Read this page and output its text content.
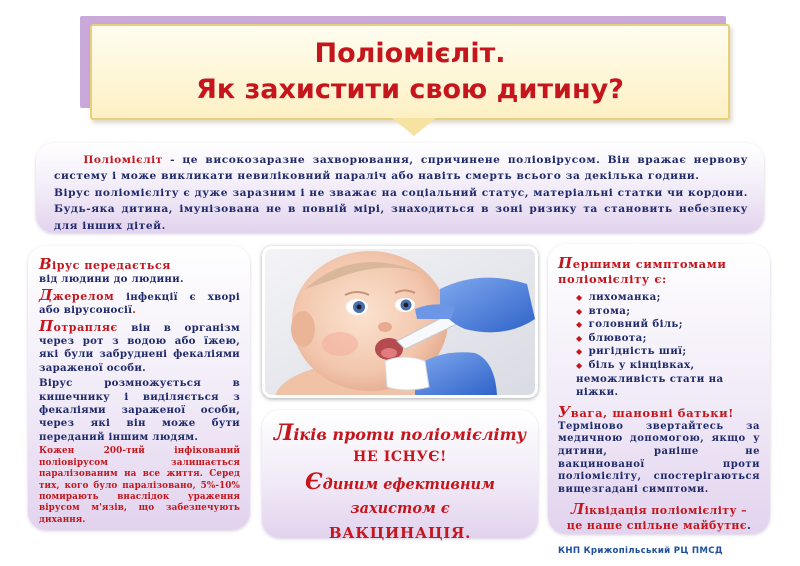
Поліомієліт.
Як захистити свою дитину?

Поліомієліт - це високозаразне захворювання, спричинене поліовірусом. Він вражає нервову систему і може викликати невиліковний параліч або навіть смерть всього за декілька години.

Вірус поліомієліту є дуже заразним і не зважає на соціальний статус, матеріальні статки чи кордони. Будь-яка дитина, імунізована не в повній мірі, знаходиться в зоні ризику та становить небезпеку для інших дітей.

Вірус передається
від людини до людини.

Джерелом інфекції є хворі або вірусоносії.

Потрапляє він в організм через рот з водою або їжею, які були забруднені фекаліями зараженої особи.

Вірус розмножується в кишечнику і виділяється з фекаліями зараженої особи, через які він може бути переданий іншим людям.

Кожен 200-тий інфікований поліовірусом залишається паралізованим на все життя. Серед тих, кого було паралізовано, 5%-10% помирають внаслідок ураження вірусом м'язів, що забезпечують дихання.

Ліків проти поліомієліту
НЕ ІСНУЄ!
Єдиним ефективним захистом є
ВАКЦИНАЦІЯ.
Першими симптомами поліомієліту є:
◆ лихоманка;
◆ втома;
◆ головний біль;
◆ блювота;
◆ ригідність шиї;
◆ біль у кінцівках, неможливість стати на ніжки.
Увага, шановні батьки!

Терміново звертайтесь за медичною допомогою, якщо у дитини, раніше не вакцинованої проти поліомієліту, спостерігаються вищезгадані симптоми.

Ліквідація поліомієліту –
це наше спільне майбутнє.
КНП Крижопільський РЦ ПМСД
